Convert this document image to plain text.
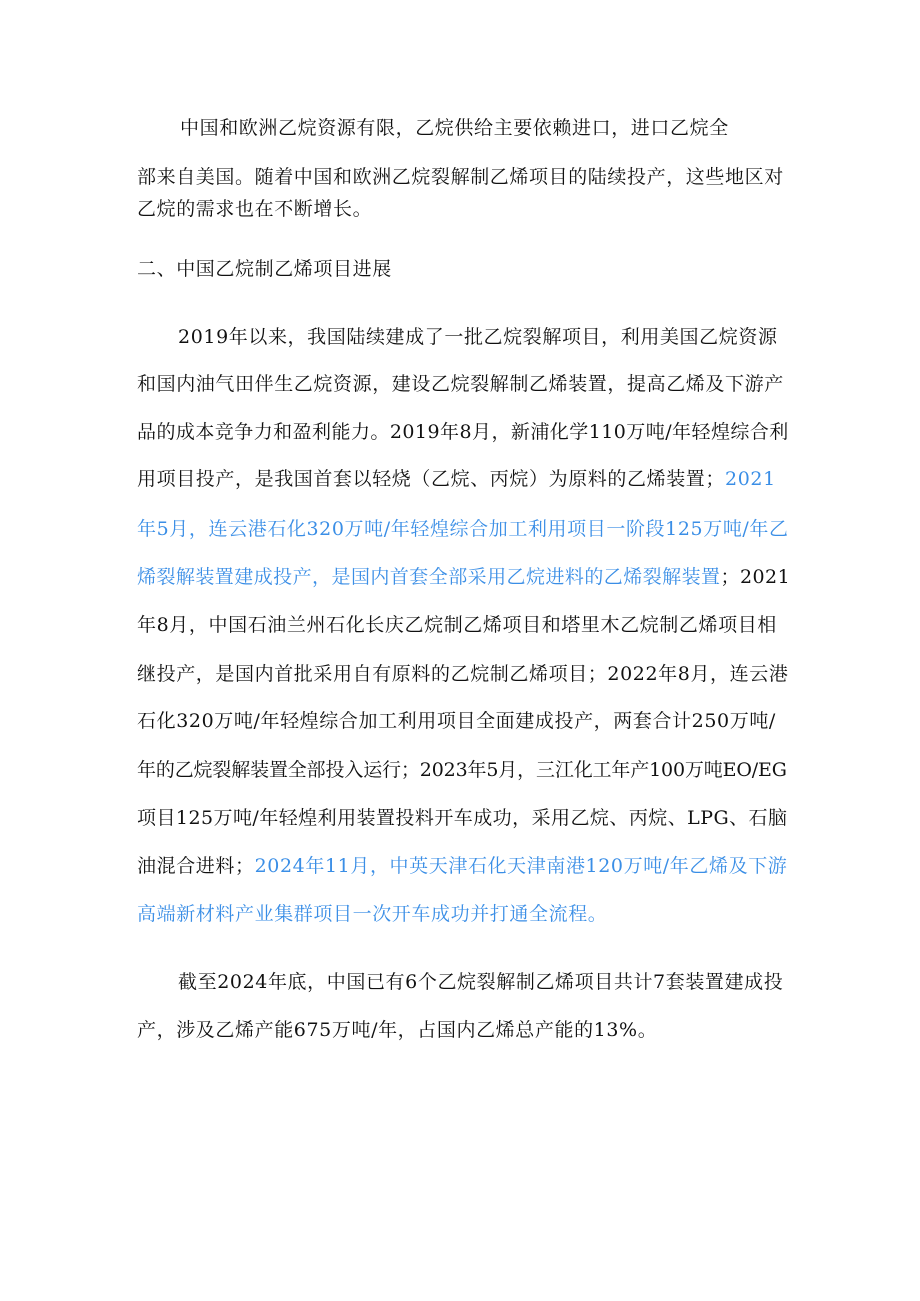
中国和欧洲乙烷资源有限，乙烷供给主要依赖进口，进口乙烷全
部来自美国。随着中国和欧洲乙烷裂解制乙烯项目的陆续投产，这些地区对
乙烷的需求也在不断增长。
二、中国乙烷制乙烯项目进展
2019年以来，我国陆续建成了一批乙烷裂解项目，利用美国乙烷资源
和国内油气田伴生乙烷资源，建设乙烷裂解制乙烯装置，提高乙烯及下游产
品的成本竞争力和盈利能力。2019年8月，新浦化学110万吨/年轻煌综合利
用项目投产，是我国首套以轻烧（乙烷、丙烷）为原料的乙烯装置；2021
年5月，连云港石化320万吨/年轻煌综合加工利用项目一阶段125万吨/年乙
烯裂解装置建成投产，是国内首套全部采用乙烷进料的乙烯裂解装置；2021
年8月，中国石油兰州石化长庆乙烷制乙烯项目和塔里木乙烷制乙烯项目相
继投产，是国内首批采用自有原料的乙烷制乙烯项目；2022年8月，连云港
石化320万吨/年轻煌综合加工利用项目全面建成投产，两套合计250万吨/
年的乙烷裂解装置全部投入运行；2023年5月，三江化工年产100万吨EO/EG
项目125万吨/年轻煌利用装置投料开车成功，采用乙烷、丙烷、LPG、石脑
油混合进料；2024年11月，中英天津石化天津南港120万吨/年乙烯及下游
高端新材料产业集群项目一次开车成功并打通全流程。
截至2024年底，中国已有6个乙烷裂解制乙烯项目共计7套装置建成投
产，涉及乙烯产能675万吨/年，占国内乙烯总产能的13%。
